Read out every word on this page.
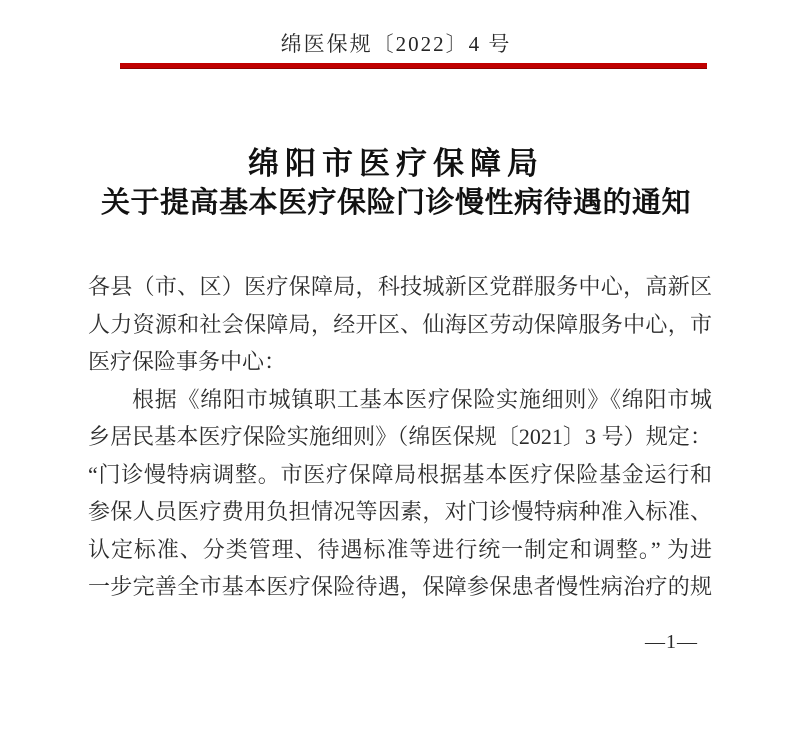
绵医保规〔2022〕4 号
绵阳市医疗保障局
关于提高基本医疗保险门诊慢性病待遇的通知
各县（市、区）医疗保障局，科技城新区党群服务中心，高新区
人力资源和社会保障局，经开区、仙海区劳动保障服务中心，市
医疗保险事务中心：
根据《绵阳市城镇职工基本医疗保险实施细则》《绵阳市城
乡居民基本医疗保险实施细则》（绵医保规〔2021〕3 号）规定：
“门诊慢特病调整。市医疗保障局根据基本医疗保险基金运行和
参保人员医疗费用负担情况等因素，对门诊慢特病种准入标准、
认定标准、分类管理、待遇标准等进行统一制定和调整。” 为进
一步完善全市基本医疗保险待遇，保障参保患者慢性病治疗的规
—1—
